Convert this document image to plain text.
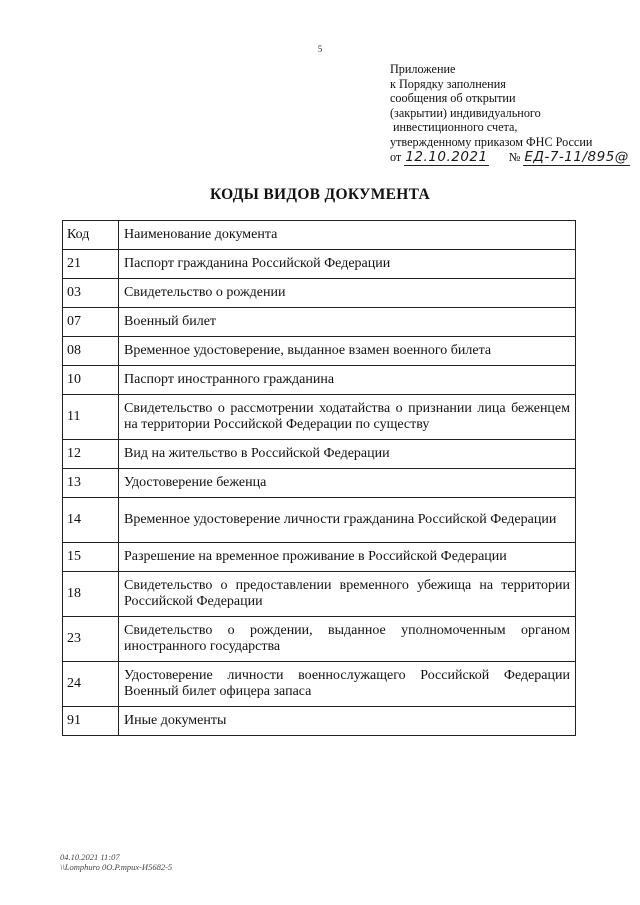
5
Приложение
к Порядку заполнения
сообщения об открытии
(закрытии) индивидуального
инвестиционного счета,
утвержденному приказом ФНС России
от 12.10.2021 № ЕД-7-11/895@
КОДЫ ВИДОВ ДОКУМЕНТА
Код	Наименование документа
21	Паспорт гражданина Российской Федерации
03	Свидетельство о рождении
07	Военный билет
08	Временное удостоверение, выданное взамен военного билета
10	Паспорт иностранного гражданина
11	Свидетельство о рассмотрении ходатайства о признании лица беженцем на территории Российской Федерации по существу
12	Вид на жительство в Российской Федерации
13	Удостоверение беженца
14	Временное удостоверение личности гражданина Российской Федерации
15	Разрешение на временное проживание в Российской Федерации
18	Свидетельство о предоставлении временного убежища на территории Российской Федерации
23	Свидетельство о рождении, выданное уполномоченным органом иностранного государства
24	Удостоверение личности военнослужащего Российской Федерации Военный билет офицера запаса
91	Иные документы
04.10.2021 11:07
\\Lomphuro 0O.P.mpux-И5682-5
